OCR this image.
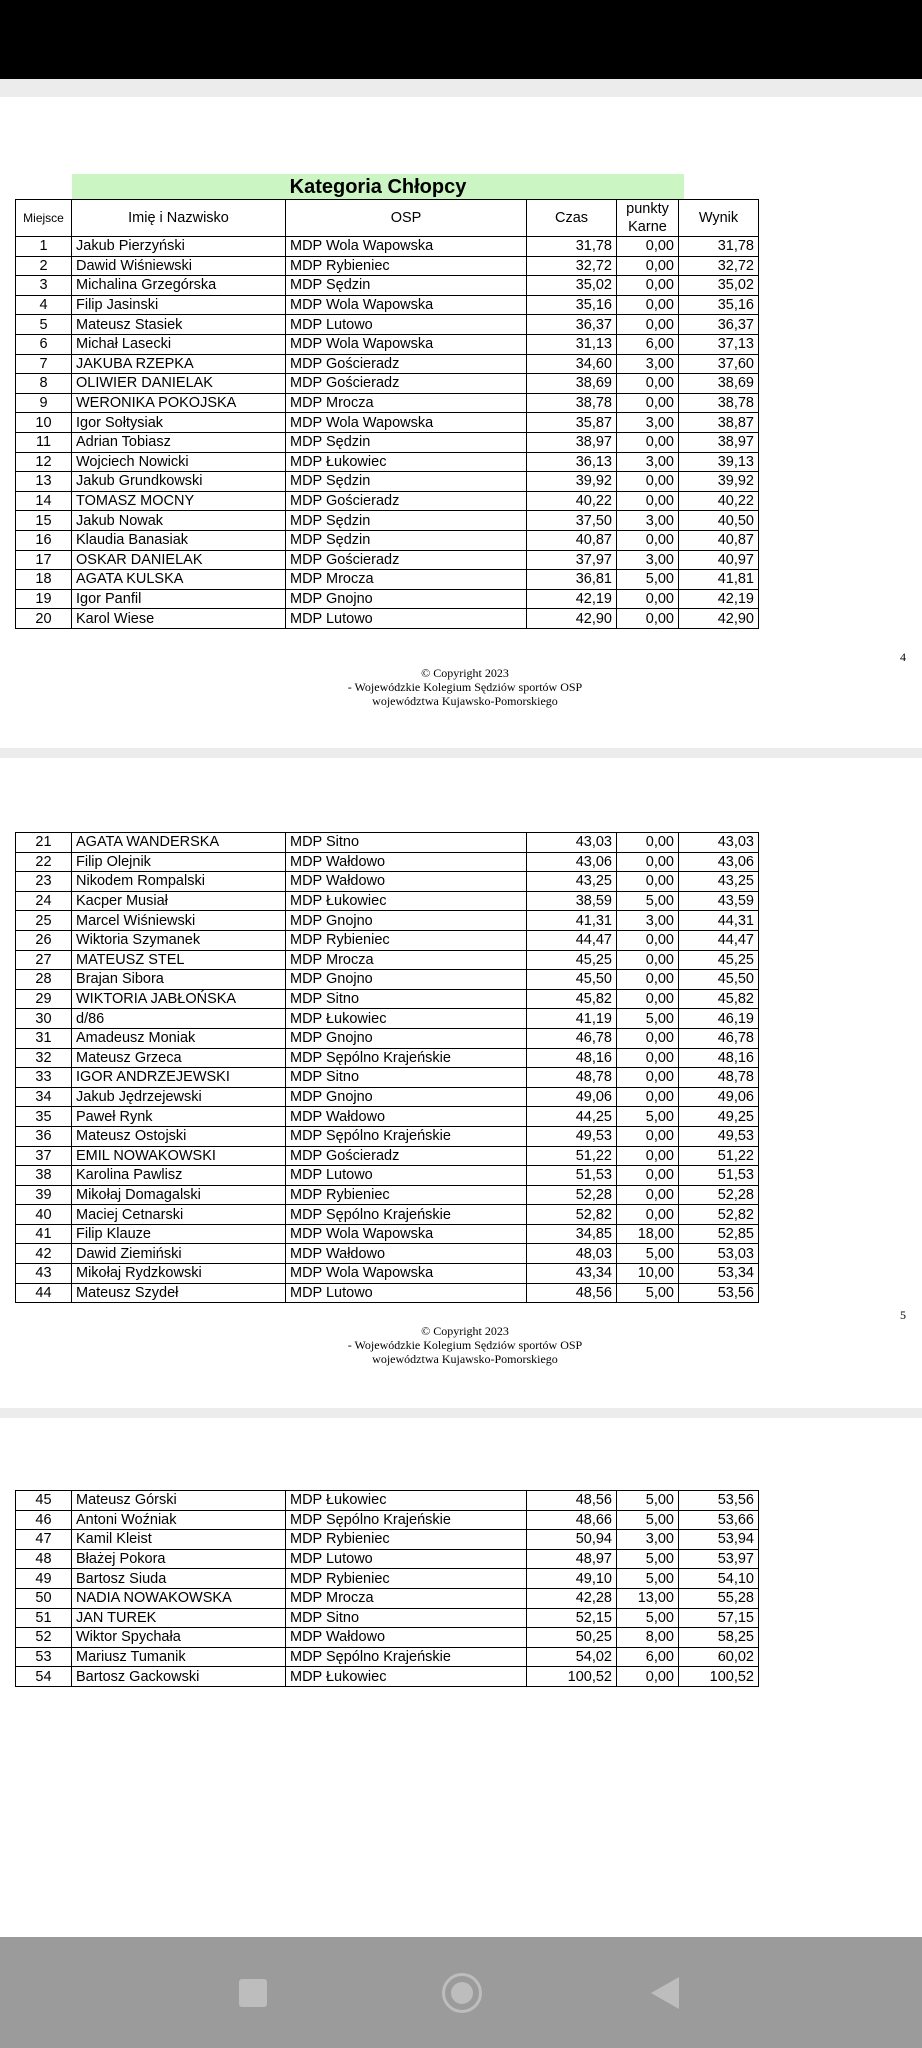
Kategoria Chłopcy
Miejsce	Imię i Nazwisko	OSP	Czas	punkty Karne	Wynik
1	Jakub Pierzyński	MDP Wola Wapowska	31,78	0,00	31,78
2	Dawid Wiśniewski	MDP Rybieniec	32,72	0,00	32,72
3	Michalina Grzegórska	MDP Sędzin	35,02	0,00	35,02
4	Filip Jasinski	MDP Wola Wapowska	35,16	0,00	35,16
5	Mateusz Stasiek	MDP Lutowo	36,37	0,00	36,37
6	Michał Lasecki	MDP Wola Wapowska	31,13	6,00	37,13
7	JAKUBA RZEPKA	MDP Gościeradz	34,60	3,00	37,60
8	OLIWIER DANIELAK	MDP Gościeradz	38,69	0,00	38,69
9	WERONIKA POKOJSKA	MDP Mrocza	38,78	0,00	38,78
10	Igor Sołtysiak	MDP Wola Wapowska	35,87	3,00	38,87
11	Adrian Tobiasz	MDP Sędzin	38,97	0,00	38,97
12	Wojciech Nowicki	MDP Łukowiec	36,13	3,00	39,13
13	Jakub Grundkowski	MDP Sędzin	39,92	0,00	39,92
14	TOMASZ MOCNY	MDP Gościeradz	40,22	0,00	40,22
15	Jakub Nowak	MDP Sędzin	37,50	3,00	40,50
16	Klaudia Banasiak	MDP Sędzin	40,87	0,00	40,87
17	OSKAR DANIELAK	MDP Gościeradz	37,97	3,00	40,97
18	AGATA KULSKA	MDP Mrocza	36,81	5,00	41,81
19	Igor Panfil	MDP Gnojno	42,19	0,00	42,19
20	Karol Wiese	MDP Lutowo	42,90	0,00	42,90
© Copyright 2023
- Wojewódzkie Kolegium Sędziów sportów OSP
województwa Kujawsko-Pomorskiego
4
21	AGATA WANDERSKA	MDP Sitno	43,03	0,00	43,03
22	Filip Olejnik	MDP Wałdowo	43,06	0,00	43,06
23	Nikodem Rompalski	MDP Wałdowo	43,25	0,00	43,25
24	Kacper Musiał	MDP Łukowiec	38,59	5,00	43,59
25	Marcel Wiśniewski	MDP Gnojno	41,31	3,00	44,31
26	Wiktoria Szymanek	MDP Rybieniec	44,47	0,00	44,47
27	MATEUSZ STEL	MDP Mrocza	45,25	0,00	45,25
28	Brajan Sibora	MDP Gnojno	45,50	0,00	45,50
29	WIKTORIA JABŁOŃSKA	MDP Sitno	45,82	0,00	45,82
30	d/86	MDP Łukowiec	41,19	5,00	46,19
31	Amadeusz Moniak	MDP Gnojno	46,78	0,00	46,78
32	Mateusz Grzeca	MDP Sępólno Krajeńskie	48,16	0,00	48,16
33	IGOR ANDRZEJEWSKI	MDP Sitno	48,78	0,00	48,78
34	Jakub Jędrzejewski	MDP Gnojno	49,06	0,00	49,06
35	Paweł Rynk	MDP Wałdowo	44,25	5,00	49,25
36	Mateusz Ostojski	MDP Sępólno Krajeńskie	49,53	0,00	49,53
37	EMIL NOWAKOWSKI	MDP Gościeradz	51,22	0,00	51,22
38	Karolina Pawlisz	MDP Lutowo	51,53	0,00	51,53
39	Mikołaj Domagalski	MDP Rybieniec	52,28	0,00	52,28
40	Maciej Cetnarski	MDP Sępólno Krajeńskie	52,82	0,00	52,82
41	Filip Klauze	MDP Wola Wapowska	34,85	18,00	52,85
42	Dawid Ziemiński	MDP Wałdowo	48,03	5,00	53,03
43	Mikołaj Rydzkowski	MDP Wola Wapowska	43,34	10,00	53,34
44	Mateusz Szydeł	MDP Lutowo	48,56	5,00	53,56
© Copyright 2023
- Wojewódzkie Kolegium Sędziów sportów OSP
województwa Kujawsko-Pomorskiego
5
45	Mateusz Górski	MDP Łukowiec	48,56	5,00	53,56
46	Antoni Woźniak	MDP Sępólno Krajeńskie	48,66	5,00	53,66
47	Kamil Kleist	MDP Rybieniec	50,94	3,00	53,94
48	Błażej Pokora	MDP Lutowo	48,97	5,00	53,97
49	Bartosz Siuda	MDP Rybieniec	49,10	5,00	54,10
50	NADIA NOWAKOWSKA	MDP Mrocza	42,28	13,00	55,28
51	JAN TUREK	MDP Sitno	52,15	5,00	57,15
52	Wiktor Spychała	MDP Wałdowo	50,25	8,00	58,25
53	Mariusz Tumanik	MDP Sępólno Krajeńskie	54,02	6,00	60,02
54	Bartosz Gackowski	MDP Łukowiec	100,52	0,00	100,52
